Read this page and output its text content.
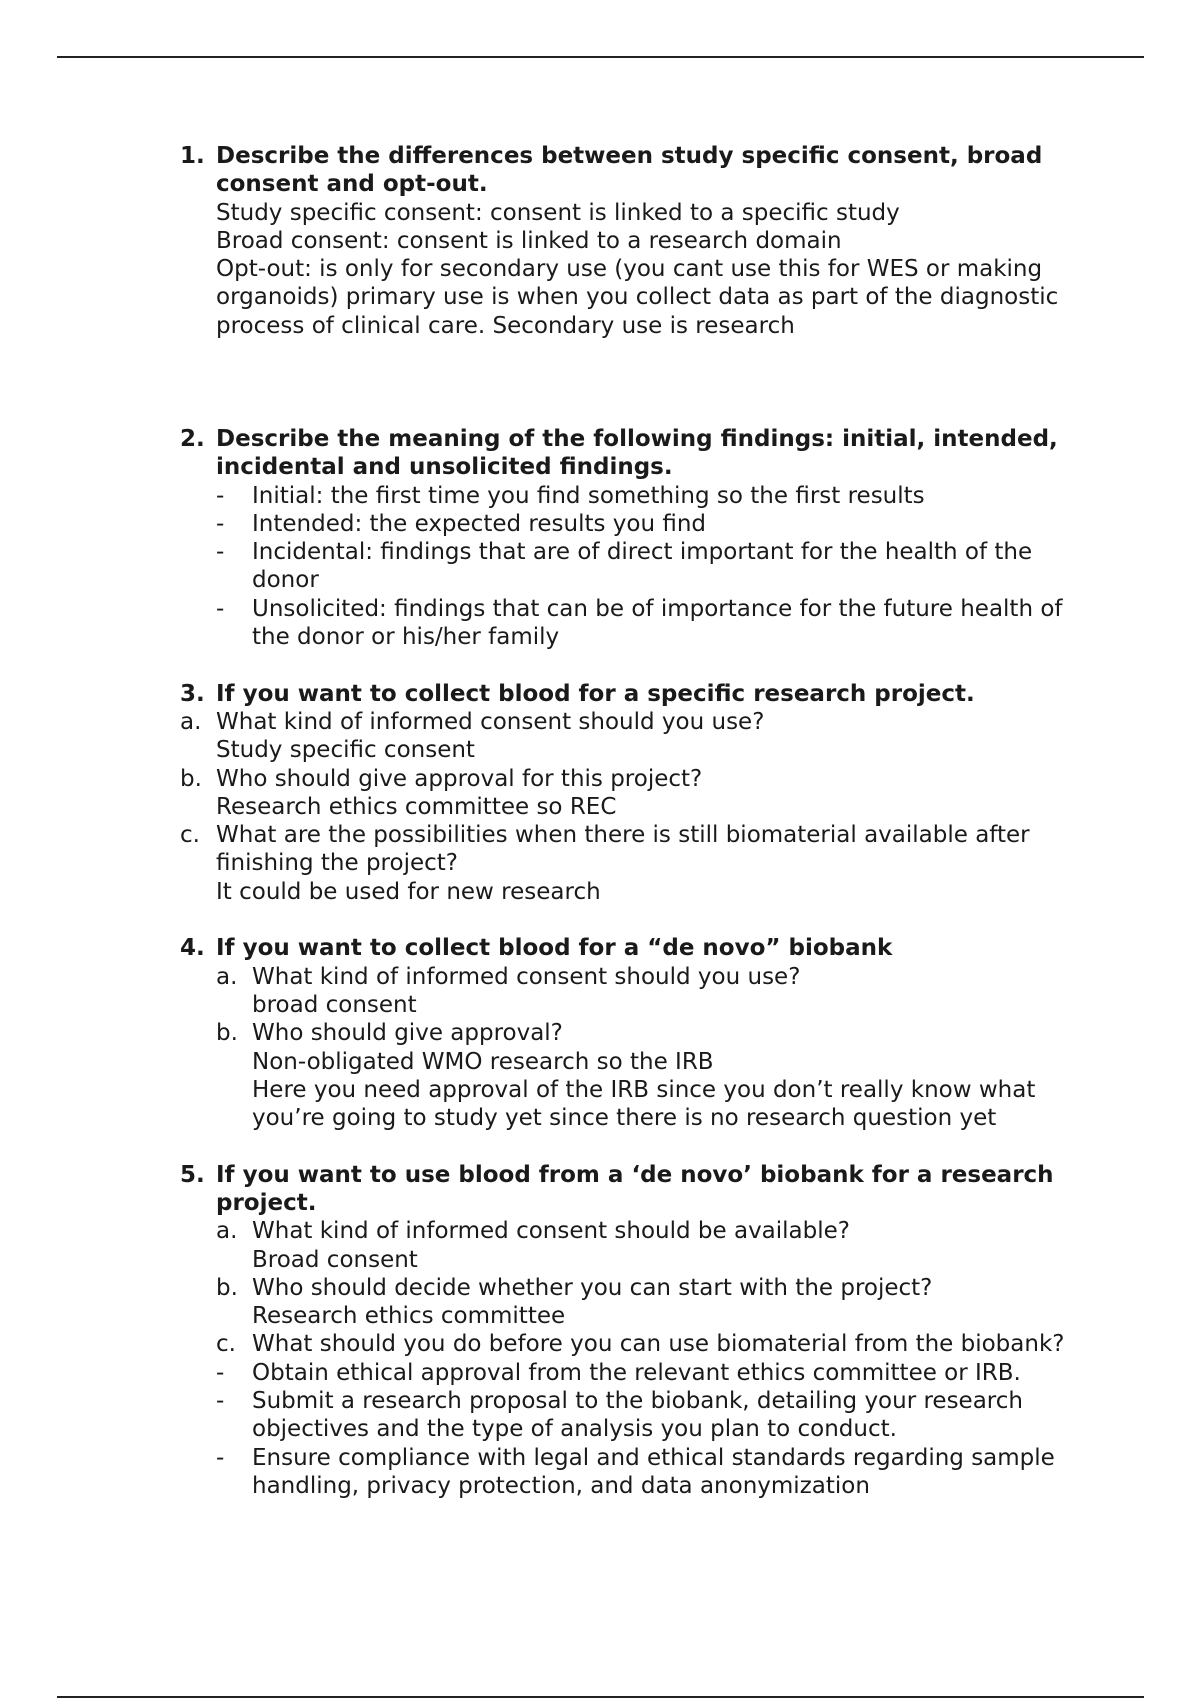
1. Describe the differences between study specific consent, broad consent and opt-out.

Study specific consent: consent is linked to a specific study

Broad consent: consent is linked to a research domain

Opt-out: is only for secondary use (you cant use this for WES or making organoids) primary use is when you collect data as part of the diagnostic process of clinical care. Secondary use is research

2. Describe the meaning of the following findings: initial, intended, incidental and unsolicited findings.

- Initial: the first time you find something so the first results
- Intended: the expected results you find
- Incidental: findings that are of direct important for the health of the donor
- Unsolicited: findings that can be of importance for the future health of the donor or his/her family
3. If you want to collect blood for a specific research project.

a. What kind of informed consent should you use?

Study specific consent

b. Who should give approval for this project?

Research ethics committee so REC

c. What are the possibilities when there is still biomaterial available after finishing the project?

It could be used for new research

4. If you want to collect blood for a “de novo” biobank

a. What kind of informed consent should you use?

broad consent

b. Who should give approval?

Non-obligated WMO research so the IRB

Here you need approval of the IRB since you don’t really know what you’re going to study yet since there is no research question yet

5. If you want to use blood from a ‘de novo’ biobank for a research project.

a. What kind of informed consent should be available?

Broad consent

b. Who should decide whether you can start with the project?

Research ethics committee

c. What should you do before you can use biomaterial from the biobank?

- Obtain ethical approval from the relevant ethics committee or IRB.
- Submit a research proposal to the biobank, detailing your research objectives and the type of analysis you plan to conduct.
- Ensure compliance with legal and ethical standards regarding sample handling, privacy protection, and data anonymization
